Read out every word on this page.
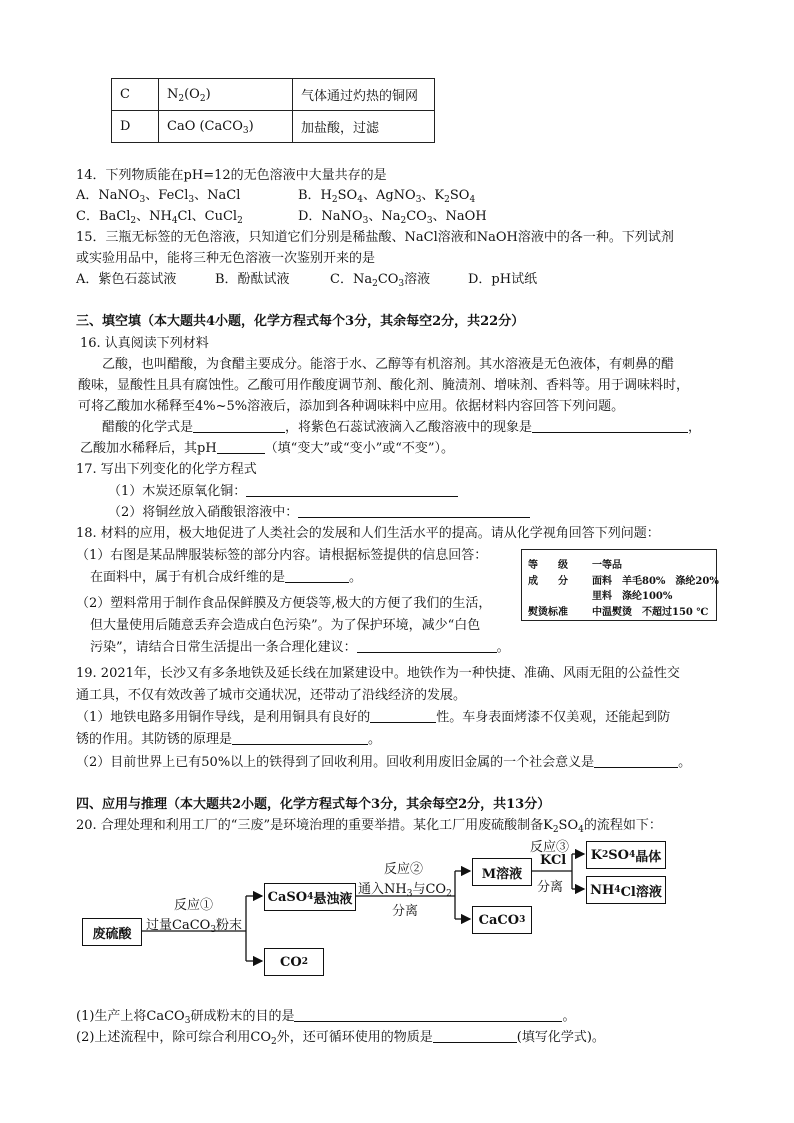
C	$N_2(O_2)$	气体通过灼热的铜网
D	CaO (CaCO$_3$)	加盐酸，过滤
14．下列物质能在pH=12的无色溶液中大量共存的是
A．NaNO$_3$、FeCl$_3$、NaCl	B．$H_2SO_4$、AgNO$_3$、$K_2SO_4$
C．BaCl$_2$、$NH_4Cl$、CuCl$_2$	D．NaNO$_3$、$Na_2CO_3$、NaOH
15．三瓶无标签的无色溶液，只知道它们分别是稀盐酸、NaCl溶液和NaOH溶液中的各一种。下列试剂
或实验用品中，能将三种无色溶液一次鉴别开来的是
A．紫色石蕊试液	B．酚酞试液	C．$Na_2CO_3$溶液	D．pH试纸
三、填空填（本大题共4小题，化学方程式每个3分，其余每空2分，共22分）
16. 认真阅读下列材料
乙酸，也叫醋酸，为食醋主要成分。能溶于水、乙醇等有机溶剂。其水溶液是无色液体，有刺鼻的醋
酸味，显酸性且具有腐蚀性。乙酸可用作酸度调节剂、酸化剂、腌渍剂、增味剂、香料等。用于调味料时，
可将乙酸加水稀释至4%~5%溶液后，添加到各种调味料中应用。依据材料内容回答下列问题。
醋酸的化学式是	，将紫色石蕊试液滴入乙酸溶液中的现象是	，
乙酸加水稀释后，其pH	（填“变大”或“变小”或“不变”）。
17. 写出下列变化的化学方程式
（1）木炭还原氧化铜：
（2）将铜丝放入硝酸银溶液中：
18. 材料的应用，极大地促进了人类社会的发展和人们生活水平的提高。请从化学视角回答下列问题：
（1）右图是某品牌服装标签的部分内容。请根据标签提供的信息回答：
在面料中，属于有机合成纤维的是	。
（2）塑料常用于制作食品保鲜膜及方便袋等,极大的方便了我们的生活，
但大量使用后随意丢弃会造成白色污染”。为了保护环境，减少“白色
污染”，请结合日常生活提出一条合理化建议：	。
等　　级 一等品
成　　分 面料　羊毛80%　涤纶20%
里料　涤纶100%
熨烫标准 中温熨烫　不超过150 ℃
19. 2021年，长沙又有多条地铁及延长线在加紧建设中。地铁作为一种快捷、准确、风雨无阻的公益性交
通工具，不仅有效改善了城市交通状况，还带动了沿线经济的发展。
（1）地铁电路多用铜作导线，是利用铜具有良好的	性。车身表面烤漆不仅美观，还能起到防
锈的作用。其防锈的原理是	。
（2）目前世界上已有50%以上的铁得到了回收利用。回收利用废旧金属的一个社会意义是	。
四、应用与推理（本大题共2小题，化学方程式每个3分，其余每空2分，共13分）
20. 合理处理和利用工厂的“三废”是环境治理的重要举措。某化工厂用废硫酸制备$K_2SO_4$的流程如下：
废硫酸
CaSO 4 悬浊液
CO 2
M溶液
CaCO 3
K 2 SO 4 晶体
NH 4 Cl溶液
反应①
过量CaCO$_3$粉末
反应②
通入$NH_3$与$CO_2$
分离
反应③
KCl
分离
(1)生产上将CaCO$_3$研成粉末的目的是	。
(2)上述流程中，除可综合利用$CO_2$外，还可循环使用的物质是	(填写化学式)。
